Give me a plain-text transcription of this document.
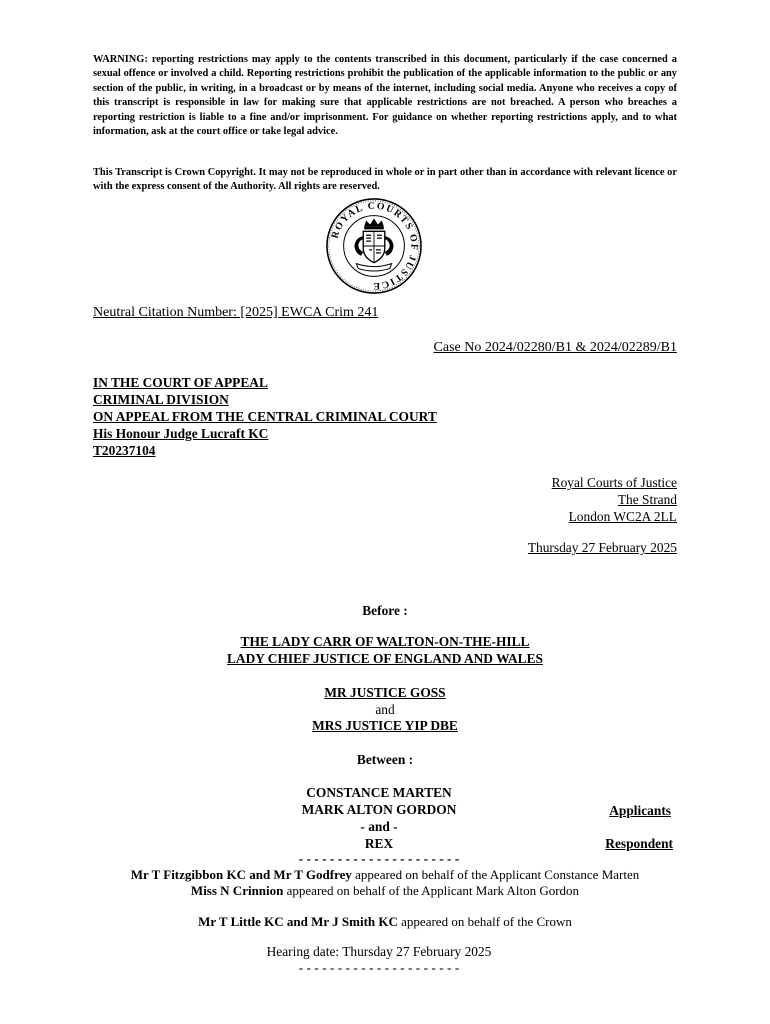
WARNING: reporting restrictions may apply to the contents transcribed in this document, particularly if the case concerned a sexual offence or involved a child. Reporting restrictions prohibit the publication of the applicable information to the public or any section of the public, in writing, in a broadcast or by means of the internet, including social media. Anyone who receives a copy of this transcript is responsible in law for making sure that applicable restrictions are not breached. A person who breaches a reporting restriction is liable to a fine and/or imprisonment. For guidance on whether reporting restrictions apply, and to what information, ask at the court office or take legal advice.
This Transcript is Crown Copyright. It may not be reproduced in whole or in part other than in accordance with relevant licence or with the express consent of the Authority. All rights are reserved.
ROYAL COURTS OF JUSTICE
Neutral Citation Number: [2025] EWCA Crim 241
Case No 2024/02280/B1 & 2024/02289/B1
IN THE COURT OF APPEAL
CRIMINAL DIVISION
ON APPEAL FROM THE CENTRAL CRIMINAL COURT
His Honour Judge Lucraft KC
T20237104
Royal Courts of Justice
The Strand
London WC2A 2LL
Thursday 27 February 2025
Before :
THE LADY CARR OF WALTON-ON-THE-HILL
LADY CHIEF JUSTICE OF ENGLAND AND WALES
MR JUSTICE GOSS
and
MRS JUSTICE YIP DBE
Between :
CONSTANCE MARTEN
MARK ALTON GORDON	Applicants
- and -
REX	Respondent
- - - - - - - - - - - - - - - - - - - - -
Mr T Fitzgibbon KC and Mr T Godfrey appeared on behalf of the Applicant Constance Marten
Miss N Crinnion appeared on behalf of the Applicant Mark Alton Gordon
Mr T Little KC and Mr J Smith KC appeared on behalf of the Crown
Hearing date: Thursday 27 February 2025
- - - - - - - - - - - - - - - - - - - - -
